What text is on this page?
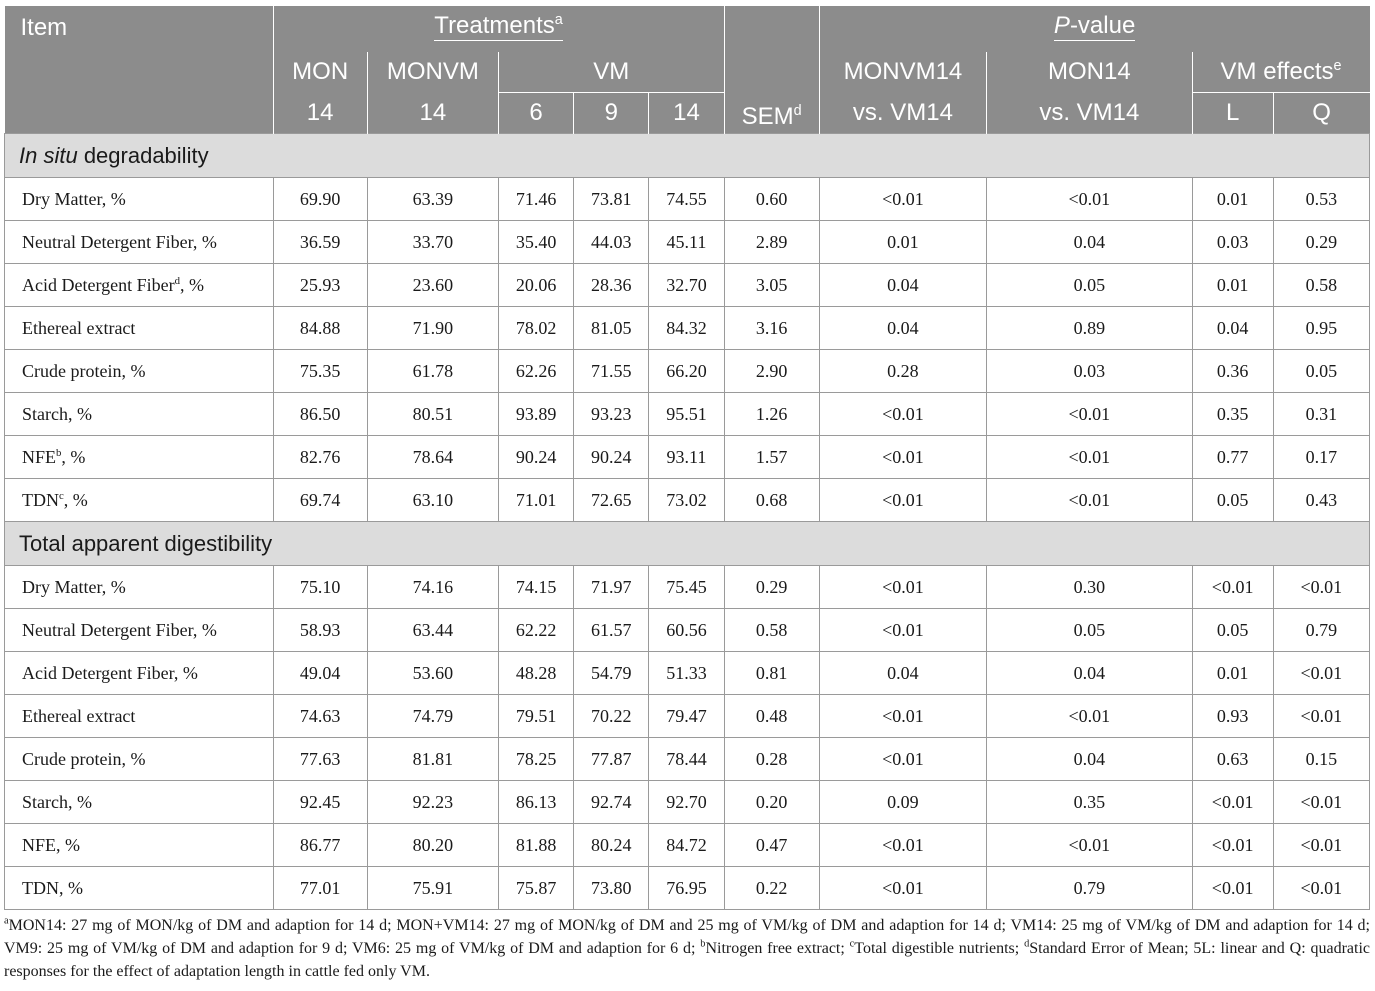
Item	Treatments$^a$					SEM$^d$	P-value			
	MON	MONVM	VM				MONVM14	MON14	VM effects$^e$
	14	14	6	9	14		vs. VM14	vs. VM14	L	Q
In situ degradability										
Dry Matter, %	69.90	63.39	71.46	73.81	74.55	0.60	<0.01	<0.01	0.01	0.53
Neutral Detergent Fiber, %	36.59	33.70	35.40	44.03	45.11	2.89	0.01	0.04	0.03	0.29
Acid Detergent Fiber$^d$, %	25.93	23.60	20.06	28.36	32.70	3.05	0.04	0.05	0.01	0.58
Ethereal extract	84.88	71.90	78.02	81.05	84.32	3.16	0.04	0.89	0.04	0.95
Crude protein, %	75.35	61.78	62.26	71.55	66.20	2.90	0.28	0.03	0.36	0.05
Starch, %	86.50	80.51	93.89	93.23	95.51	1.26	<0.01	<0.01	0.35	0.31
NFE$^b$, %	82.76	78.64	90.24	90.24	93.11	1.57	<0.01	<0.01	0.77	0.17
TDN$^c$, %	69.74	63.10	71.01	72.65	73.02	0.68	<0.01	<0.01	0.05	0.43
Total apparent digestibility										
Dry Matter, %	75.10	74.16	74.15	71.97	75.45	0.29	<0.01	0.30	<0.01	<0.01
Neutral Detergent Fiber, %	58.93	63.44	62.22	61.57	60.56	0.58	<0.01	0.05	0.05	0.79
Acid Detergent Fiber, %	49.04	53.60	48.28	54.79	51.33	0.81	0.04	0.04	0.01	<0.01
Ethereal extract	74.63	74.79	79.51	70.22	79.47	0.48	<0.01	<0.01	0.93	<0.01
Crude protein, %	77.63	81.81	78.25	77.87	78.44	0.28	<0.01	0.04	0.63	0.15
Starch, %	92.45	92.23	86.13	92.74	92.70	0.20	0.09	0.35	<0.01	<0.01
NFE, %	86.77	80.20	81.88	80.24	84.72	0.47	<0.01	<0.01	<0.01	<0.01
TDN, %	77.01	75.91	75.87	73.80	76.95	0.22	<0.01	0.79	<0.01	<0.01
$^a$MON14: 27 mg of MON/kg of DM and adaption for 14 d; MON+VM14: 27 mg of MON/kg of DM and 25 mg of VM/kg of DM and adaption for 14 d; VM14: 25 mg of VM/kg of DM and adaption for 14 d; VM9: 25 mg of VM/kg of DM and adaption for 9 d; VM6: 25 mg of VM/kg of DM and adaption for 6 d; $^b$Nitrogen free extract; $^c$Total digestible nutrients; $^d$Standard Error of Mean; 5L: linear and Q: quadratic responses for the effect of adaptation length in cattle fed only VM.
